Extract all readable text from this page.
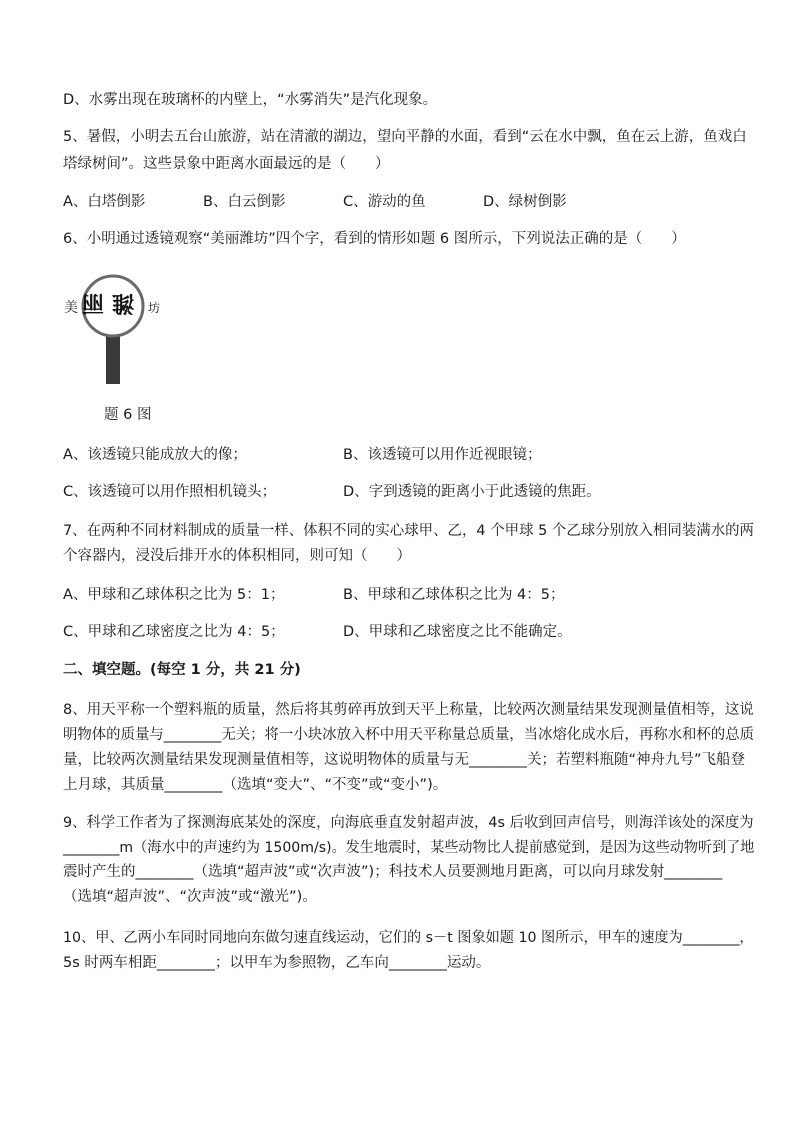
D、水雾出现在玻璃杯的内壁上，“水雾消失”是汽化现象。
5、暑假，小明去五台山旅游，站在清澈的湖边，望向平静的水面，看到“云在水中飘，鱼在云上游，鱼戏白
塔绿树间”。这些景象中距离水面最远的是（　　）
A、白塔倒影	B、白云倒影	C、游动的鱼	D、绿树倒影
6、小明通过透镜观察“美丽潍坊”四个字，看到的情形如题 6 图所示，下列说法正确的是（　　）
美	坊
丽 潍
题 6 图
A、该透镜只能成放大的像；	B、该透镜可以用作近视眼镜；
C、该透镜可以用作照相机镜头；	D、字到透镜的距离小于此透镜的焦距。
7、在两种不同材料制成的质量一样、体积不同的实心球甲、乙，4 个甲球 5 个乙球分别放入相同装满水的两
个容器内，浸没后排开水的体积相同，则可知（　　）
A、甲球和乙球体积之比为 5：1；	B、甲球和乙球体积之比为 4：5；
C、甲球和乙球密度之比为 4：5；	D、甲球和乙球密度之比不能确定。
二、填空题。(每空 1 分，共 21 分)
8、用天平称一个塑料瓶的质量，然后将其剪碎再放到天平上称量，比较两次测量结果发现测量值相等，这说
明物体的质量与________无关；将一小块冰放入杯中用天平称量总质量，当冰熔化成水后，再称水和杯的总质
量，比较两次测量结果发现测量值相等，这说明物体的质量与无________关；若塑料瓶随“神舟九号”飞船登
上月球，其质量________（选填“变大”、“不变”或“变小”)。
9、科学工作者为了探测海底某处的深度，向海底垂直发射超声波，4s 后收到回声信号，则海洋该处的深度为
________m（海水中的声速约为 1500m/s)。发生地震时，某些动物比人提前感觉到，是因为这些动物听到了地
震时产生的________（选填“超声波”或“次声波”)；科技术人员要测地月距离，可以向月球发射________
（选填“超声波”、“次声波”或“激光”)。
10、甲、乙两小车同时同地向东做匀速直线运动，它们的 s－t 图象如题 10 图所示，甲车的速度为________，
5s 时两车相距________；以甲车为参照物，乙车向________运动。
